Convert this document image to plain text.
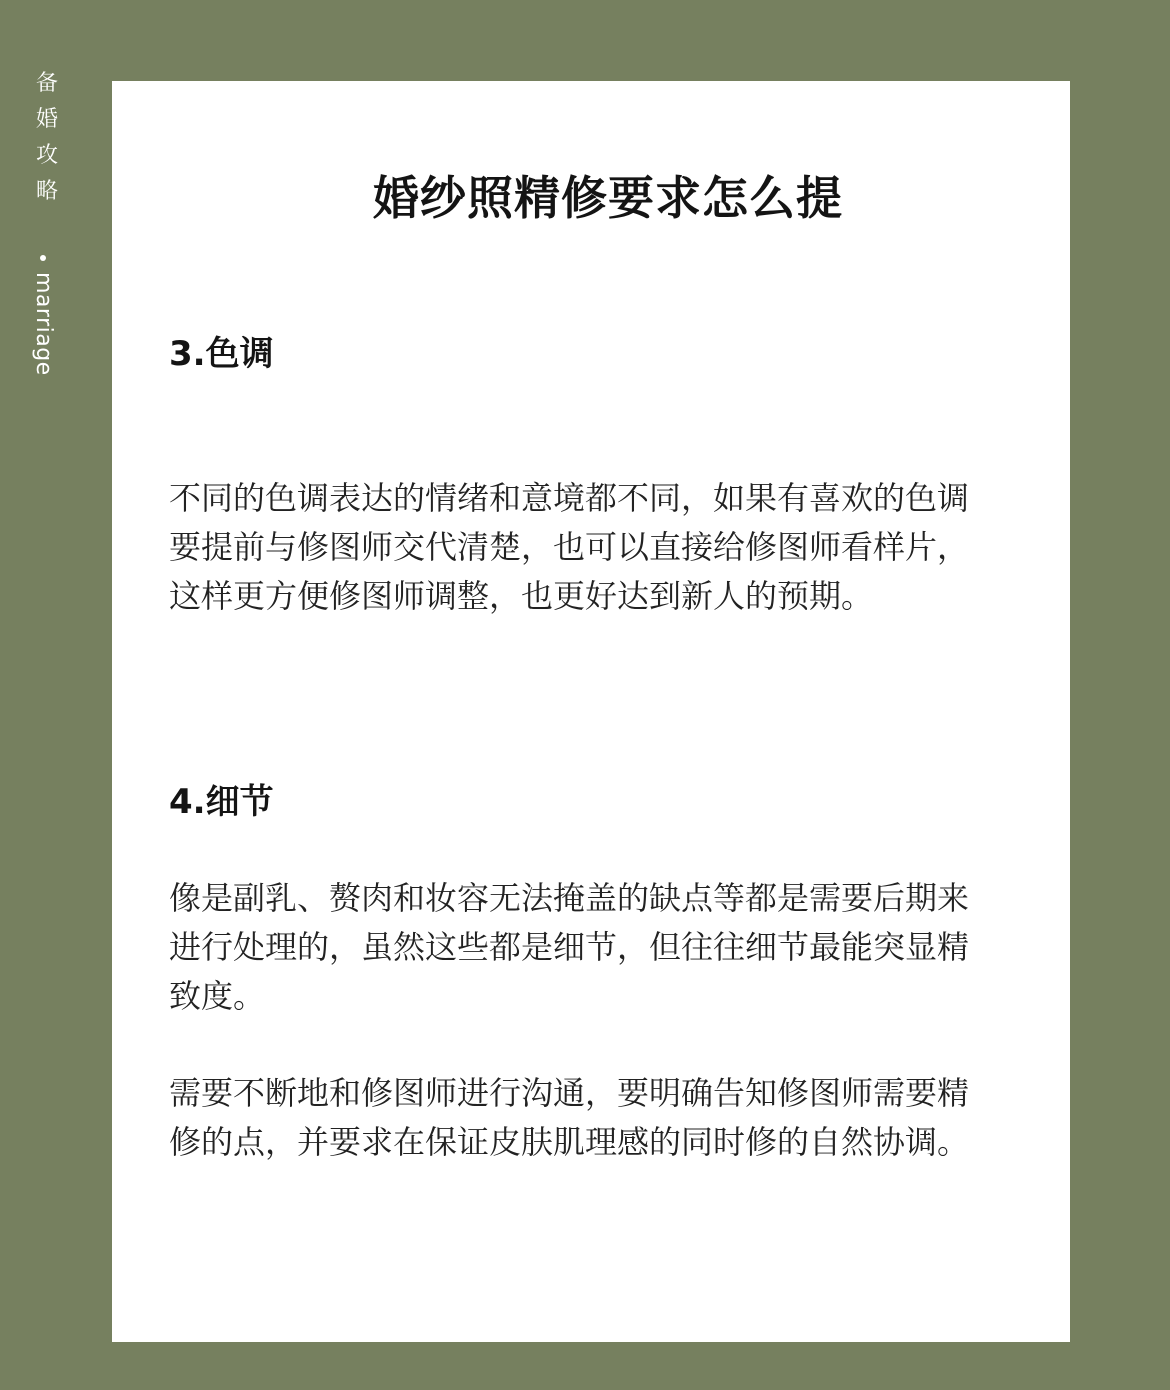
备
婚
攻
略
marriage
婚纱照精修要求怎么提
3.色调

不同的色调表达的情绪和意境都不同，如果有喜欢的色调要提前与修图师交代清楚，也可以直接给修图师看样片，这样更方便修图师调整，也更好达到新人的预期。

4.细节

像是副乳、赘肉和妆容无法掩盖的缺点等都是需要后期来进行处理的，虽然这些都是细节，但往往细节最能突显精致度。

需要不断地和修图师进行沟通，要明确告知修图师需要精修的点，并要求在保证皮肤肌理感的同时修的自然协调。
